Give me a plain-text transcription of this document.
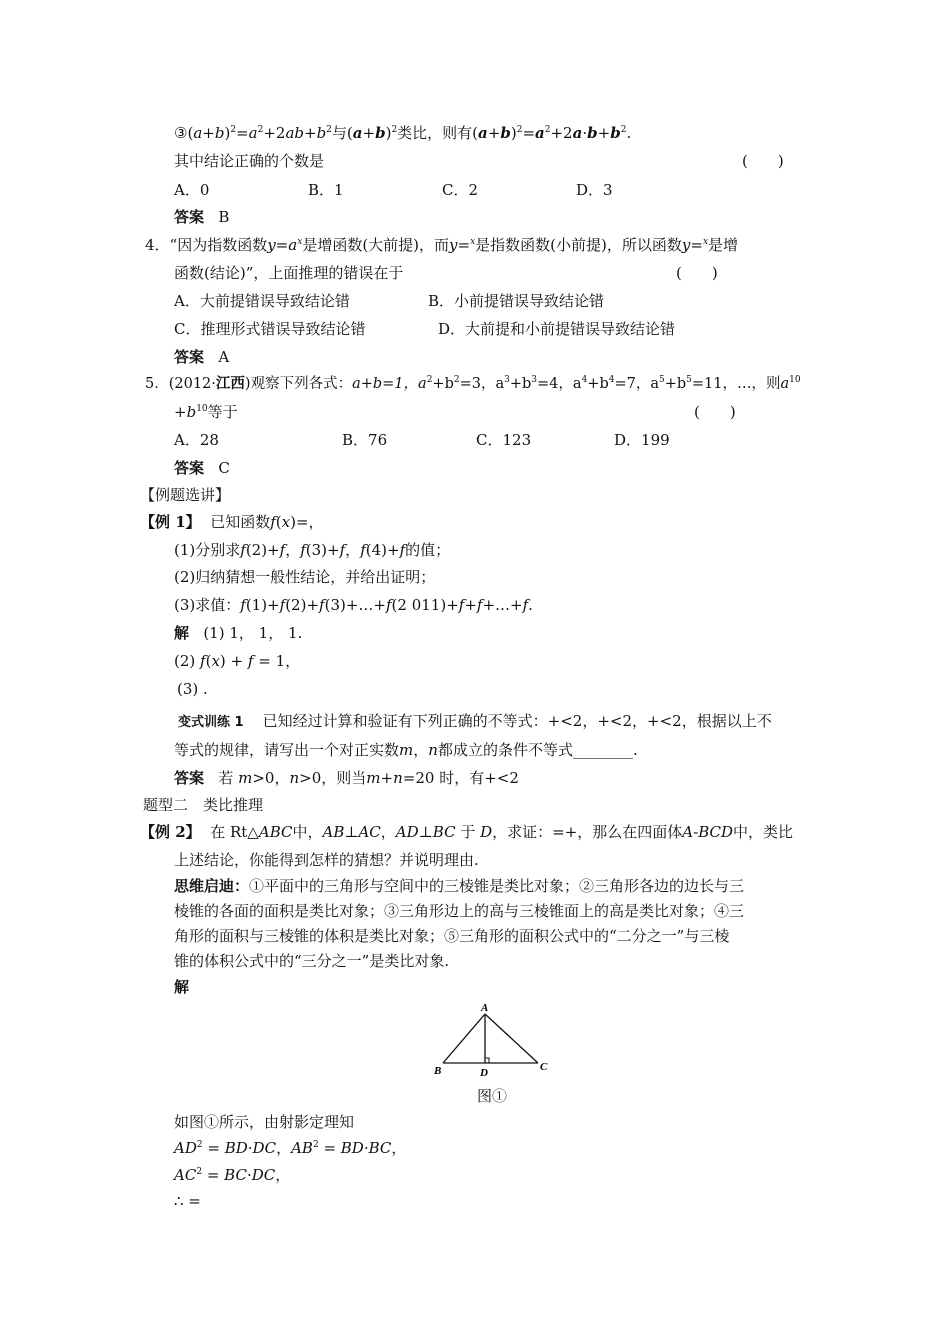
$③(a+b)^2=a^2+2ab+b^2$与$(a+b)^2$类比，则有$(a+b)^2=a^2+2a\cdot b+b^2$.
其中结论正确的个数是	(　　)
A．0	B．1	C．2	D．3
答案 B
4．“因为指数函数$y=a^x$是增函数(大前提)，而y=$^x$是指数函数(小前提)，所以函数y=$^x$是增
函数(结论)”，上面推理的错误在于	(　　)
A．大前提错误导致结论错	B．小前提错误导致结论错
C．推理形式错误导致结论错	D．大前提和小前提错误导致结论错
答案 A
5．(2012·江西)观察下列各式：a+b=1，$a^2+b^2=3$，$a^3+b^3=4$，$a^4+b^4=7$，$a^5+b^5=11$，…，则$a^{10}$
$+b^{10}$等于	(　　)
A．28	B．76	C．123	D．199
答案 C
【例题选讲】
【例 1】 已知函数f(x)=，
(1)分别求f(2)+f，f(3)+f，f(4)+f的值；
(2)归纳猜想一般性结论，并给出证明；
(3)求值：f(1)+f(2)+f(3)+…+f(2 011)+f+f+…+f.
解 (1) 1， 1， 1.
(2) f(x) + f = 1，
(3) .
变式训练 1 已知经过计算和验证有下列正确的不等式：+<2，+<2，+<2，根据以上不
等式的规律，请写出一个对正实数m，n都成立的条件不等式________.
答案 若 m>0，n>0，则当m+n=20 时，有+<2
题型二　类比推理
【例 2】 在 Rt△ABC中，AB⊥AC，AD⊥BC 于 D，求证：=+，那么在四面体A-BCD中，类比
上述结论，你能得到怎样的猜想？并说明理由.
思维启迪：①平面中的三角形与空间中的三棱锥是类比对象；②三角形各边的边长与三
棱锥的各面的面积是类比对象；③三角形边上的高与三棱锥面上的高是类比对象；④三
角形的面积与三棱锥的体积是类比对象；⑤三角形的面积公式中的“二分之一”与三棱
锥的体积公式中的“三分之一”是类比对象.
解
A
B	C
D
图①
如图①所示，由射影定理知
$AD^2 = BD\cdot DC$，$AB^2 = BD\cdot BC$，
$AC^2 = BC\cdot DC$，
∴ =
